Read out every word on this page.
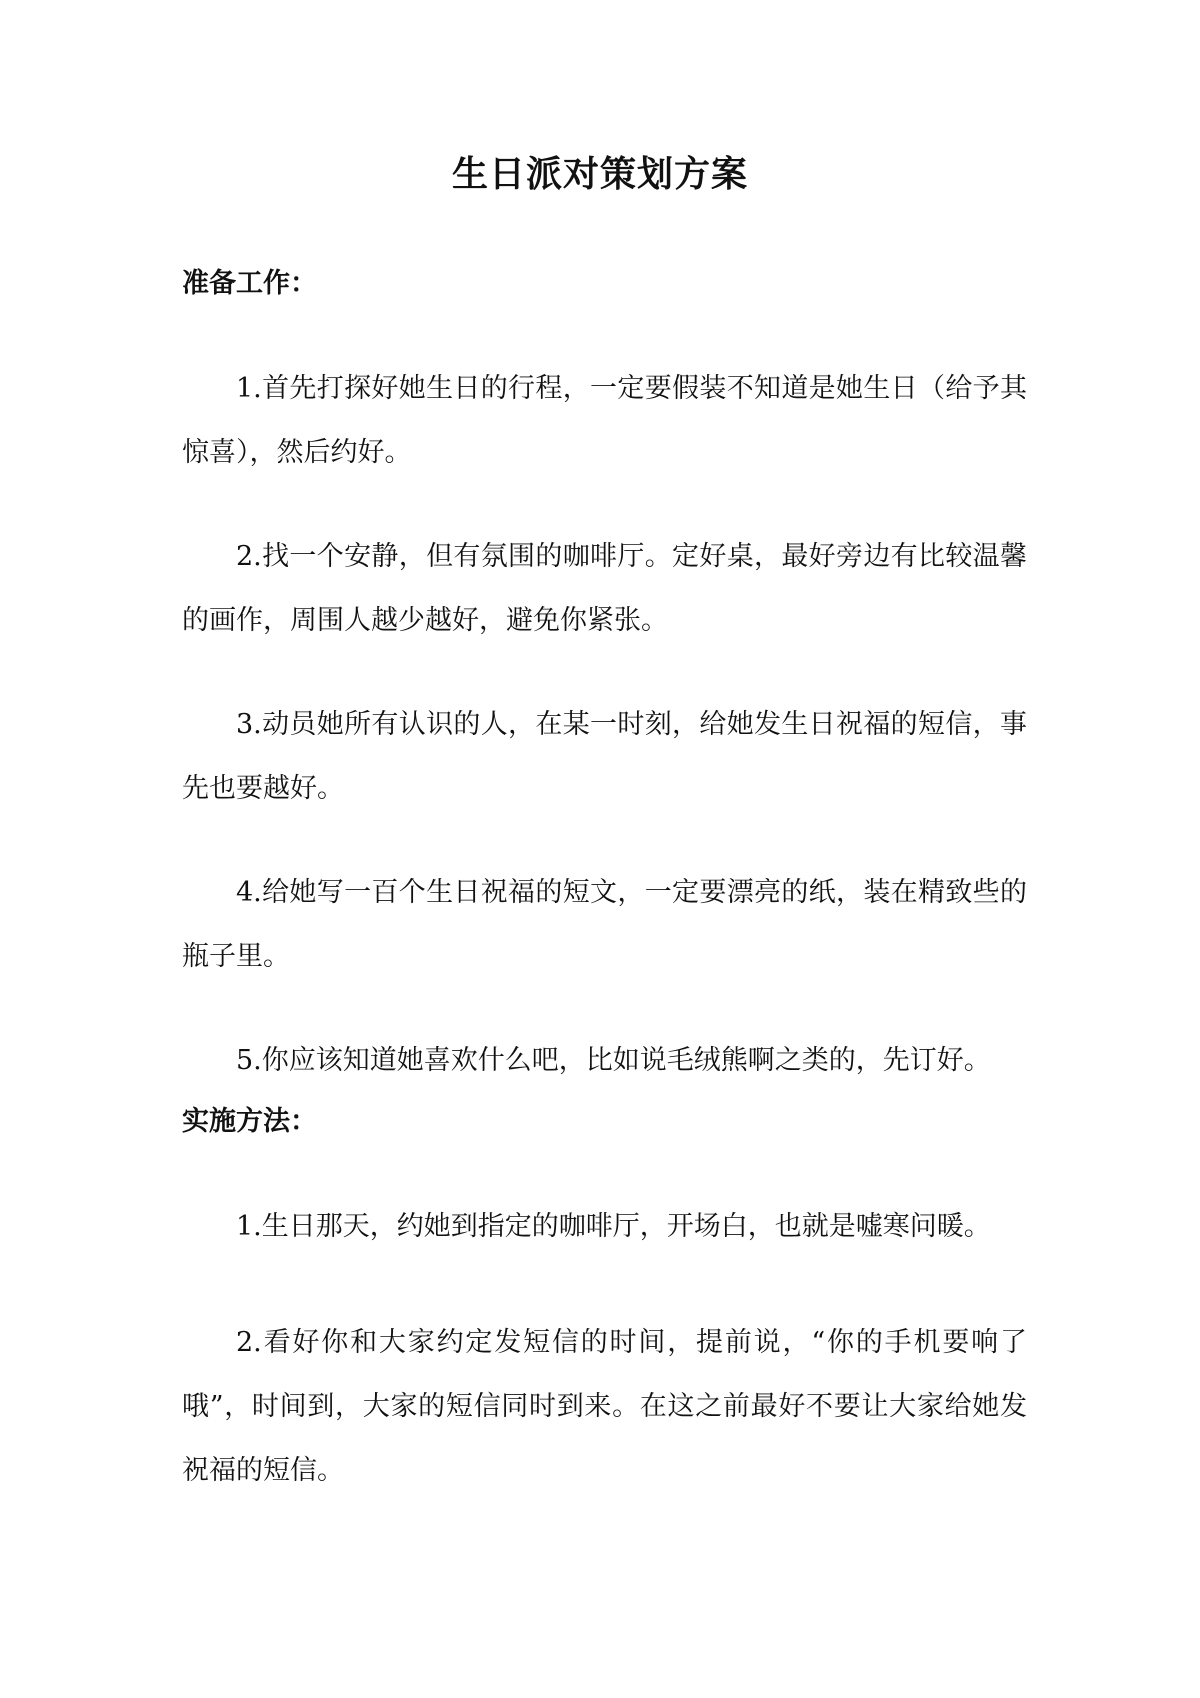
生日派对策划方案
准备工作：
1.首先打探好她生日的行程，一定要假装不知道是她生日（给予其惊喜），然后约好。
2.找一个安静，但有氛围的咖啡厅。定好桌，最好旁边有比较温馨的画作，周围人越少越好，避免你紧张。
3.动员她所有认识的人，在某一时刻，给她发生日祝福的短信，事先也要越好。
4.给她写一百个生日祝福的短文，一定要漂亮的纸，装在精致些的瓶子里。
5.你应该知道她喜欢什么吧，比如说毛绒熊啊之类的，先订好。
实施方法：
1.生日那天，约她到指定的咖啡厅，开场白，也就是嘘寒问暖。
2.看好你和大家约定发短信的时间，提前说，“你的手机要响了哦”，时间到，大家的短信同时到来。在这之前最好不要让大家给她发祝福的短信。
